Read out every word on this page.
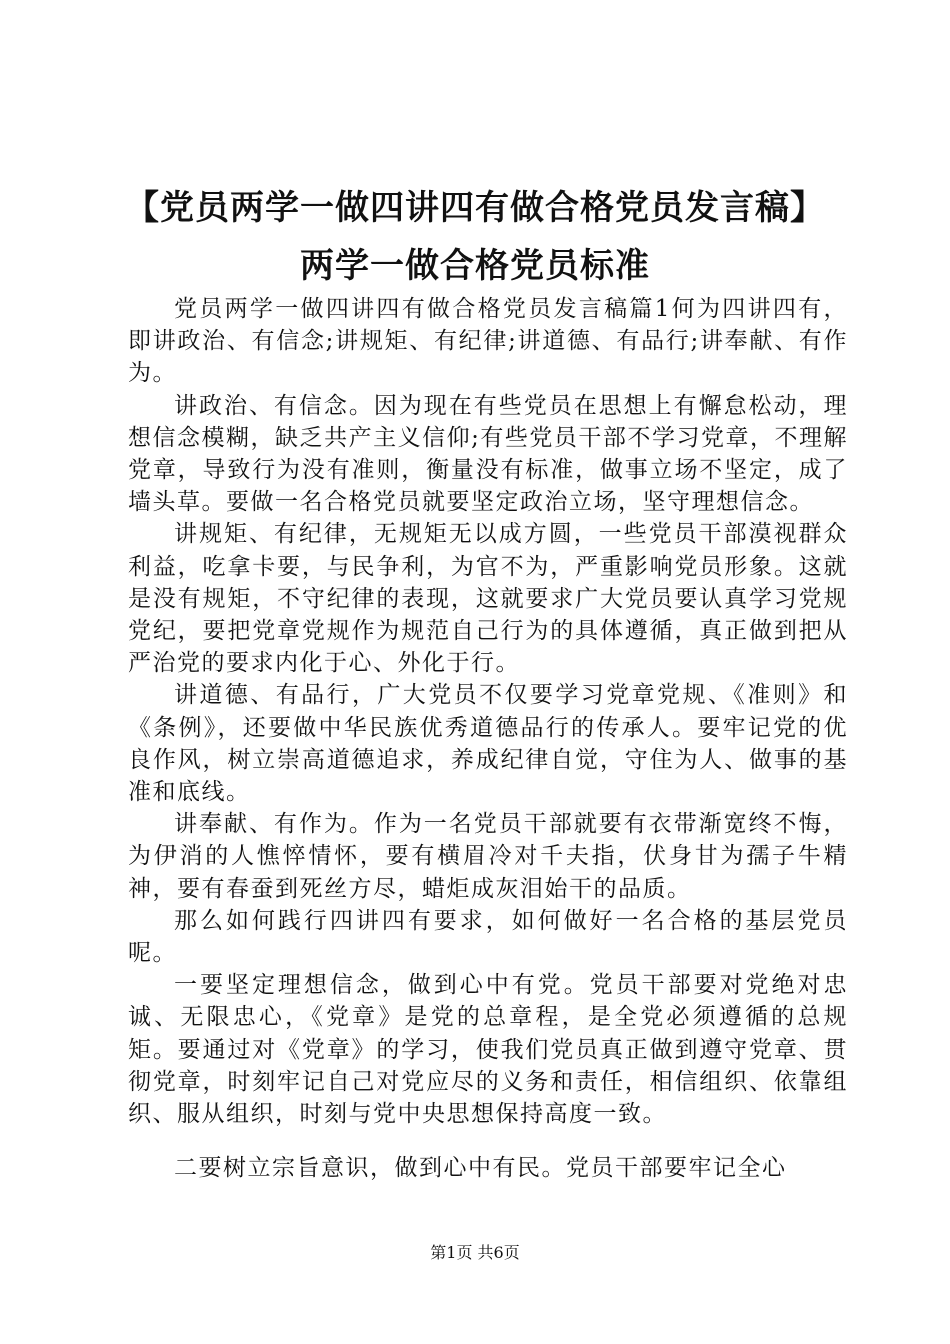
【党员两学一做四讲四有做合格党员发言稿】
两学一做合格党员标准

党员两学一做四讲四有做合格党员发言稿篇1何为四讲四有，即讲政治、有信念;讲规矩、有纪律;讲道德、有品行;讲奉献、有作为。

讲政治、有信念。因为现在有些党员在思想上有懈怠松动，理想信念模糊，缺乏共产主义信仰;有些党员干部不学习党章，不理解党章，导致行为没有准则，衡量没有标准，做事立场不坚定，成了墙头草。要做一名合格党员就要坚定政治立场，坚守理想信念。

讲规矩、有纪律，无规矩无以成方圆，一些党员干部漠视群众利益，吃拿卡要，与民争利，为官不为，严重影响党员形象。这就是没有规矩，不守纪律的表现，这就要求广大党员要认真学习党规党纪，要把党章党规作为规范自己行为的具体遵循，真正做到把从严治党的要求内化于心、外化于行。

讲道德、有品行，广大党员不仅要学习党章党规、《准则》和《条例》，还要做中华民族优秀道德品行的传承人。要牢记党的优良作风，树立崇高道德追求，养成纪律自觉，守住为人、做事的基准和底线。

讲奉献、有作为。作为一名党员干部就要有衣带渐宽终不悔，为伊消的人憔悴情怀，要有横眉冷对千夫指，伏身甘为孺子牛精神，要有春蚕到死丝方尽，蜡炬成灰泪始干的品质。

那么如何践行四讲四有要求，如何做好一名合格的基层党员呢。

一要坚定理想信念，做到心中有党。党员干部要对党绝对忠诚、无限忠心，《党章》是党的总章程，是全党必须遵循的总规矩。要通过对《党章》的学习，使我们党员真正做到遵守党章、贯彻党章，时刻牢记自己对党应尽的义务和责任，相信组织、依靠组织、服从组织，时刻与党中央思想保持高度一致。

二要树立宗旨意识，做到心中有民。党员干部要牢记全心

第1页 共6页
